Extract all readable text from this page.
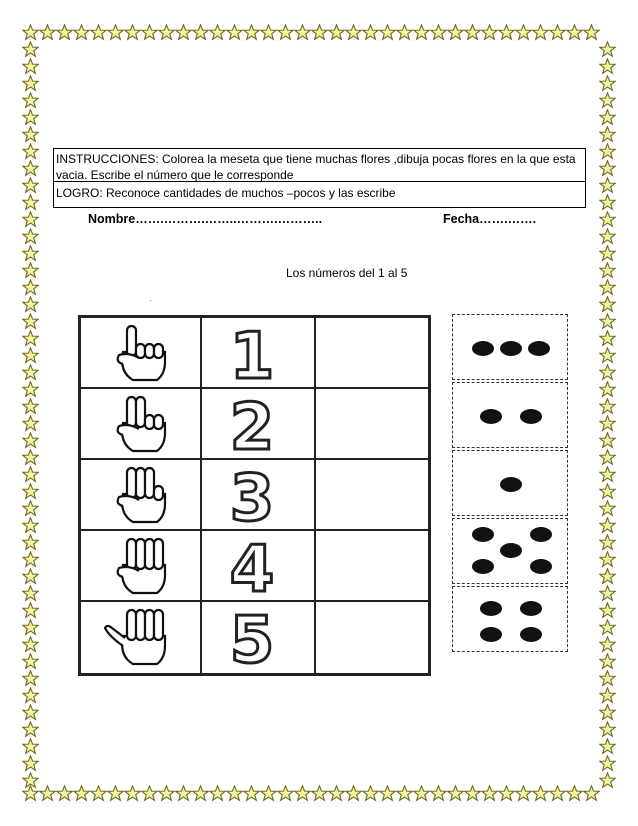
INSTRUCCIONES: Colorea la meseta que tiene muchas flores ,dibuja pocas flores en la que esta vacia. Escribe el número que le corresponde
LOGRO: Reconoce cantidades de muchos –pocos y las escribe
Nombre…….……….……..……….………..	Fecha…….…….
Los números del 1 al 5
·
1
2
3
4
5
